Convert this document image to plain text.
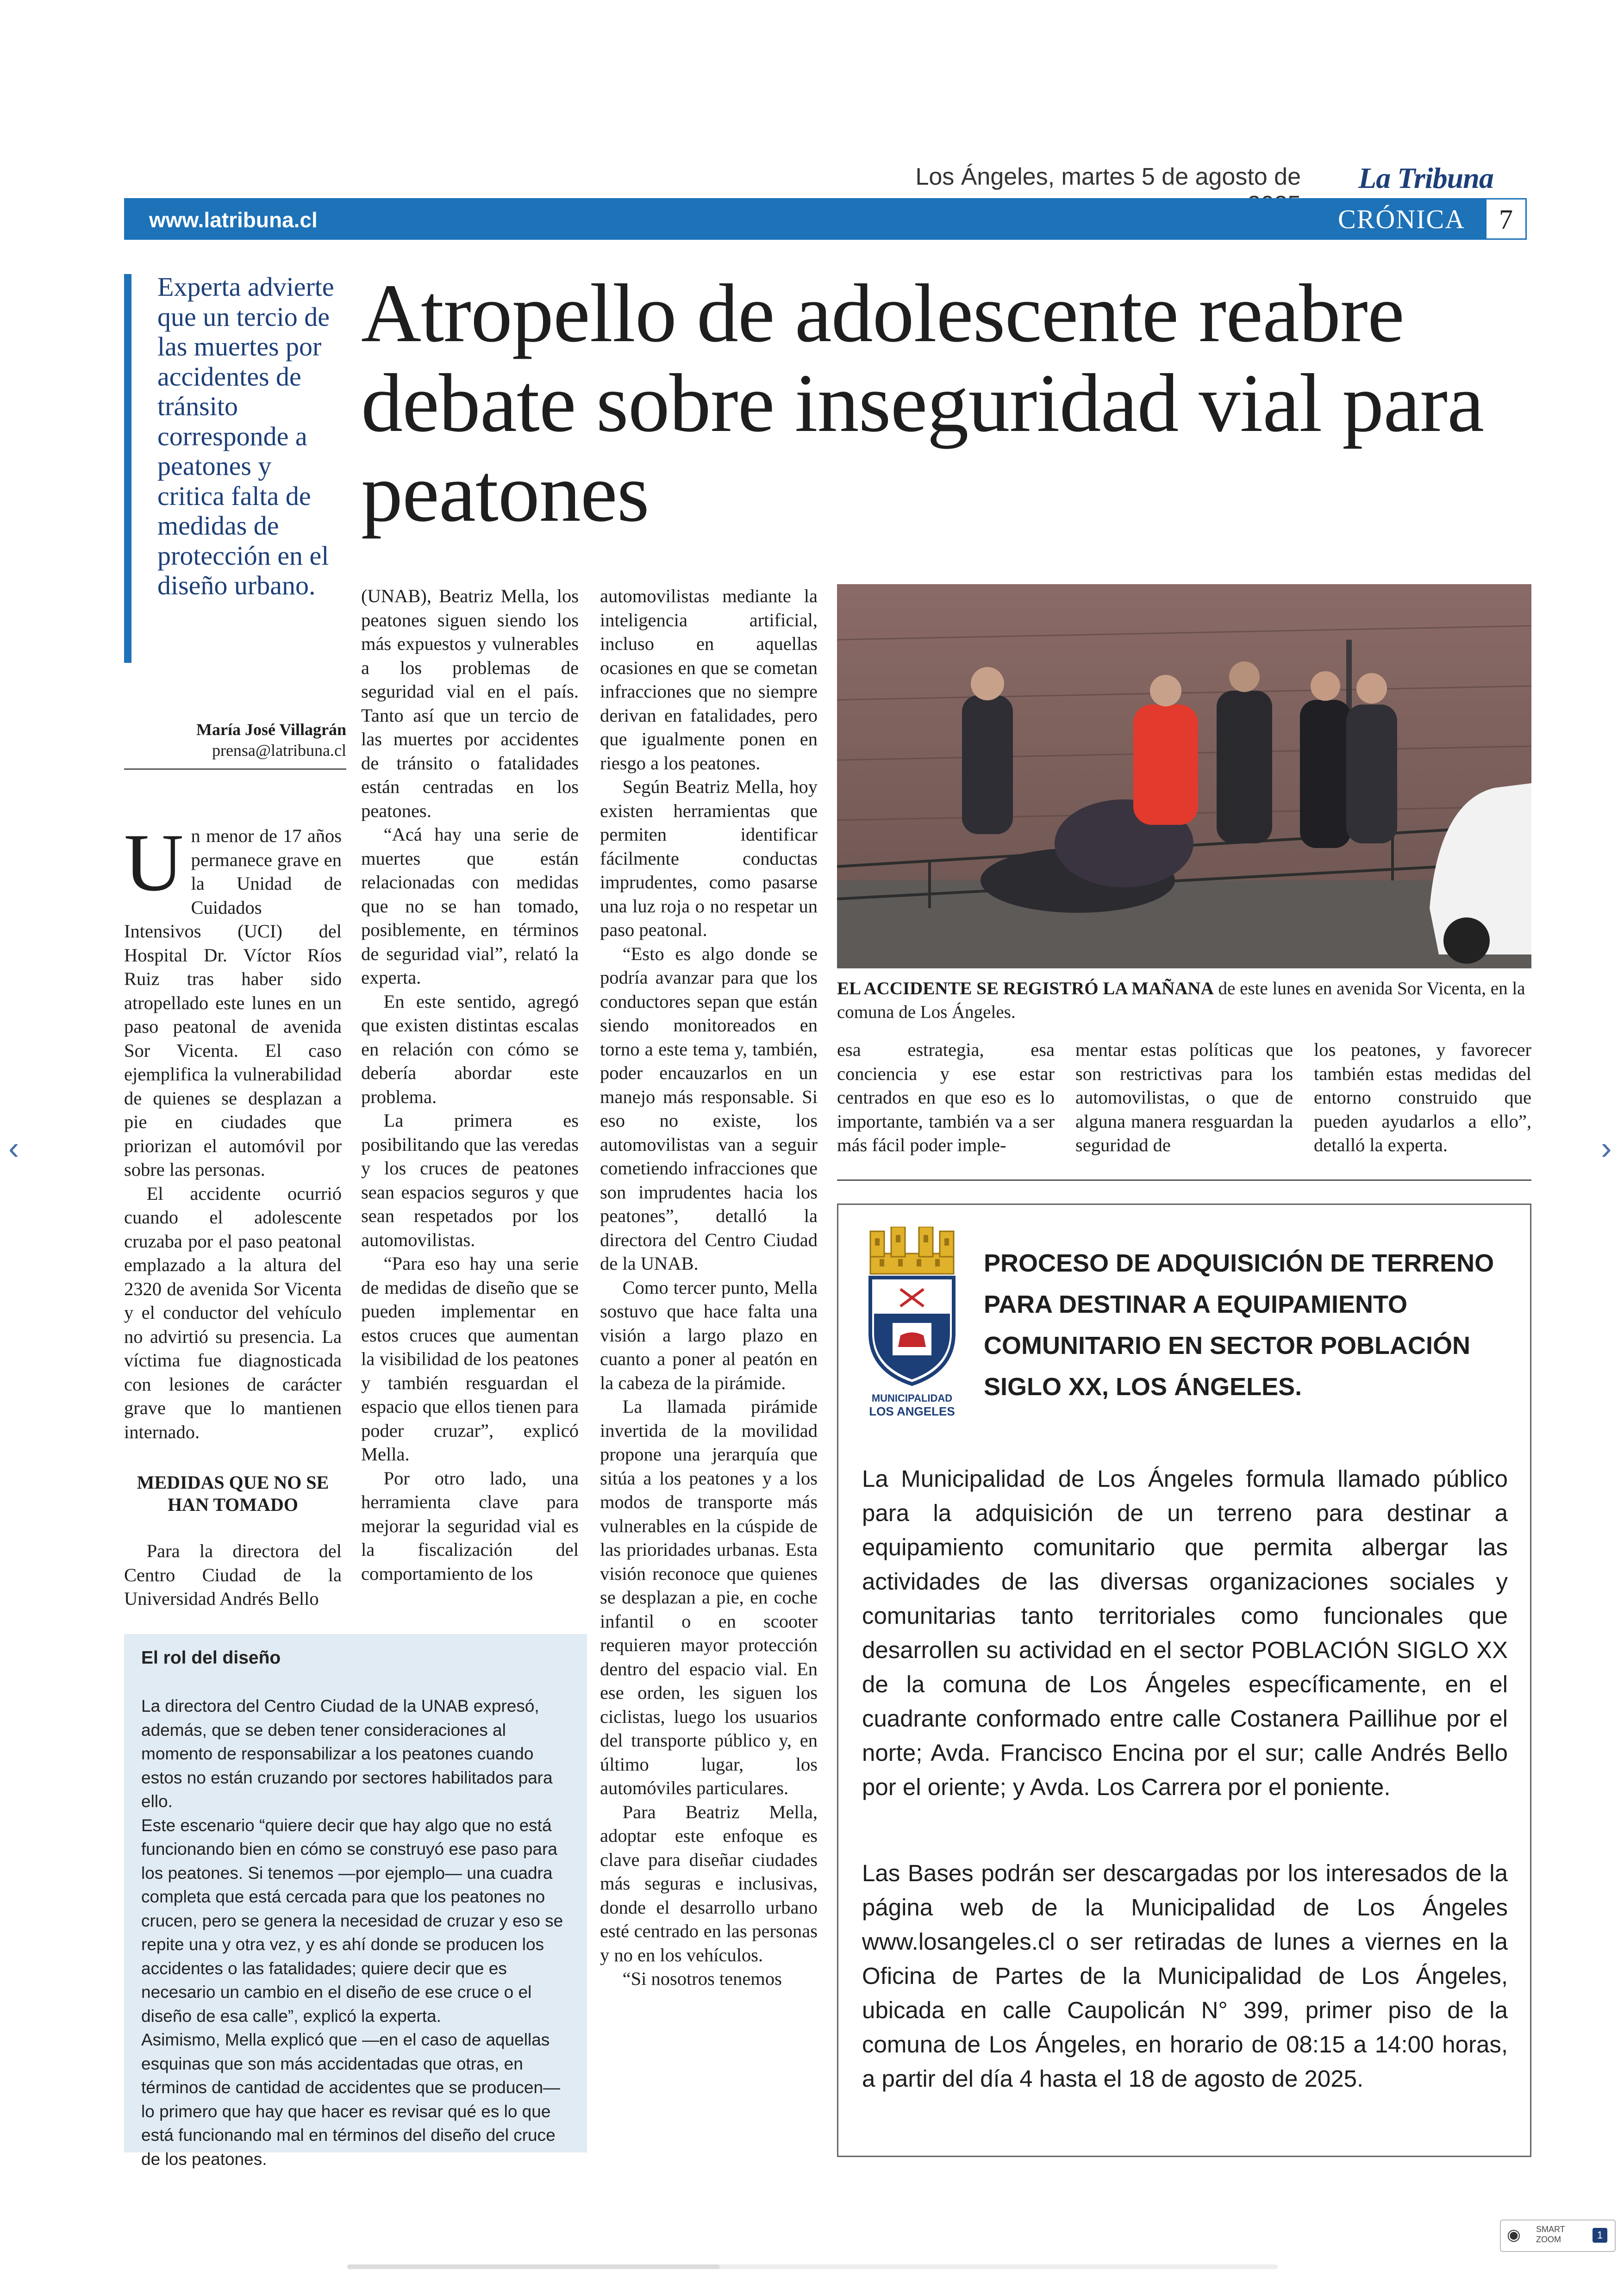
Los Ángeles, martes 5 de agosto de La Tribuna
www.latribuna.cl	CRÓNICA	7
Experta advierte que un tercio de las muertes por accidentes de tránsito corresponde a peatones y critica falta de medidas de protección en el diseño urbano.
María José Villagrán
prensa@latribuna.cl
Atropello de adolescente reabre debate sobre inseguridad vial para peatones

Un menor de 17 años permanece grave en la Unidad de Cuidados Intensivos (UCI) del Hospital Dr. Víctor Ríos Ruiz tras haber sido atropellado este lunes en un paso peatonal de avenida Sor Vicenta. El caso ejemplifica la vulnerabilidad de quienes se desplazan a pie en ciudades que priorizan el automóvil por sobre las personas.

El accidente ocurrió cuando el adolescente cruzaba por el paso peatonal emplazado a la altura del 2320 de avenida Sor Vicenta y el conductor del vehículo no advirtió su presencia. La víctima fue diagnosticada con lesiones de carácter grave que lo mantienen internado.

MEDIDAS QUE NO SE HAN TOMADO

Para la directora del Centro Ciudad de la Universidad Andrés Bello

(UNAB), Beatriz Mella, los peatones siguen siendo los más expuestos y vulnerables a los problemas de seguridad vial en el país. Tanto así que un tercio de las muertes por accidentes de tránsito o fatalidades están centradas en los peatones.

“Acá hay una serie de muertes que están relacionadas con medidas que no se han tomado, posiblemente, en términos de seguridad vial”, relató la experta.

En este sentido, agregó que existen distintas escalas en relación con cómo se debería abordar este problema.

La primera es posibilitando que las veredas y los cruces de peatones sean espacios seguros y que sean respetados por los automovilistas.

“Para eso hay una serie de medidas de diseño que se pueden implementar en estos cruces que aumentan la visibilidad de los peatones y también resguardan el espacio que ellos tienen para poder cruzar”, explicó Mella.

Por otro lado, una herramienta clave para mejorar la seguridad vial es la fiscalización del comportamiento de los

automovilistas mediante la inteligencia artificial, incluso en aquellas ocasiones en que se cometan infracciones que no siempre derivan en fatalidades, pero que igualmente ponen en riesgo a los peatones.

Según Beatriz Mella, hoy existen herramientas que permiten identificar fácilmente conductas imprudentes, como pasarse una luz roja o no respetar un paso peatonal.

“Esto es algo donde se podría avanzar para que los conductores sepan que están siendo monitoreados en torno a este tema y, también, poder encauzarlos en un manejo más responsable. Si eso no existe, los automovilistas van a seguir cometiendo infracciones que son imprudentes hacia los peatones”, detalló la directora del Centro Ciudad de la UNAB.

Como tercer punto, Mella sostuvo que hace falta una visión a largo plazo en cuanto a poner al peatón en la cabeza de la pirámide.

La llamada pirámide invertida de la movilidad propone una jerarquía que sitúa a los peatones y a los modos de transporte más vulnerables en la cúspide de las prioridades urbanas. Esta visión reconoce que quienes se desplazan a pie, en coche infantil o en scooter requieren mayor protección dentro del espacio vial. En ese orden, les siguen los ciclistas, luego los usuarios del transporte público y, en último lugar, los automóviles particulares.

Para Beatriz Mella, adoptar este enfoque es clave para diseñar ciudades más seguras e inclusivas, donde el desarrollo urbano esté centrado en las personas y no en los vehículos.

“Si nosotros tenemos

EL ACCIDENTE SE REGISTRÓ LA MAÑANA de este lunes en avenida Sor Vicenta, en la comuna de Los Ángeles.

esa estrategia, esa conciencia y ese estar centrados en que eso es lo importante, también va a ser más fácil poder imple-

mentar estas políticas que son restrictivas para los automovilistas, o que de alguna manera resguardan la seguridad de

los peatones, y favorecer también estas medidas del entorno construido que pueden ayudarlos a ello”, detalló la experta.

El rol del diseño
La directora del Centro Ciudad de la UNAB expresó, además, que se deben tener consideraciones al momento de responsabilizar a los peatones cuando estos no están cruzando por sectores habilitados para ello.
Este escenario “quiere decir que hay algo que no está funcionando bien en cómo se construyó ese paso para los peatones. Si tenemos —por ejemplo— una cuadra completa que está cercada para que los peatones no crucen, pero se genera la necesidad de cruzar y eso se repite una y otra vez, y es ahí donde se producen los accidentes o las fatalidades; quiere decir que es necesario un cambio en el diseño de ese cruce o el diseño de esa calle”, explicó la experta.
Asimismo, Mella explicó que —en el caso de aquellas esquinas que son más accidentadas que otras, en términos de cantidad de accidentes que se producen— lo primero que hay que hacer es revisar qué es lo que está funcionando mal en términos del diseño del cruce de los peatones.
MUNICIPALIDAD
LOS ANGELES
PROCESO DE ADQUISICIÓN DE TERRENO PARA DESTINAR A EQUIPAMIENTO COMUNITARIO EN SECTOR POBLACIÓN SIGLO XX, LOS ÁNGELES.
La Municipalidad de Los Ángeles formula llamado público para la adquisición de un terreno para destinar a equipamiento comunitario que permita albergar las actividades de las diversas organizaciones sociales y comunitarias tanto territoriales como funcionales que desarrollen su actividad en el sector POBLACIÓN SIGLO XX de la comuna de Los Ángeles específicamente, en el cuadrante conformado entre calle Costanera Paillihue por el norte; Avda. Francisco Encina por el sur; calle Andrés Bello por el oriente; y Avda. Los Carrera por el poniente.
Las Bases podrán ser descargadas por los interesados de la página web de la Municipalidad de Los Ángeles www.losangeles.cl o ser retiradas de lunes a viernes en la Oficina de Partes de la Municipalidad de Los Ángeles, ubicada en calle Caupolicán N° 399, primer piso de la comuna de Los Ángeles, en horario de 08:15 a 14:00 horas, a partir del día 4 hasta el 18 de agosto de 2025.
‹	›
◉ SMART ZOOM	1
